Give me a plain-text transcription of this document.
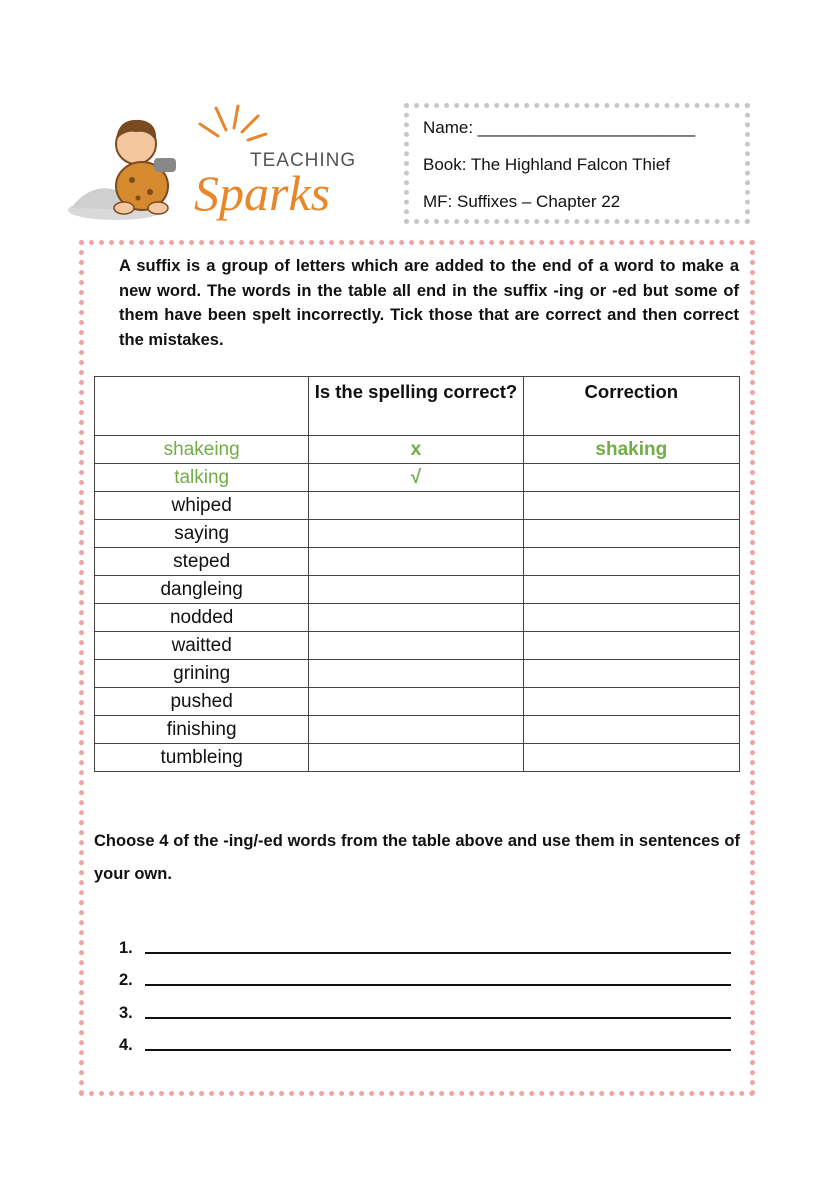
TEACHING
Sparks
Name: _______________________
Book: The Highland Falcon Thief
MF: Suffixes – Chapter 22
A suffix is a group of letters which are added to the end of a word to make a new word. The words in the table all end in the suffix -ing or -ed but some of them have been spelt incorrectly. Tick those that are correct and then correct the mistakes.
	Is the spelling correct?	Correction
shakeing	x	shaking
talking	√	
whiped		
saying		
steped		
dangleing		
nodded		
waitted		
grining		
pushed		
finishing		
tumbleing		
Choose 4 of the -ing/-ed words from the table above and use them in sentences of your own.
1.
2.
3.
4.
